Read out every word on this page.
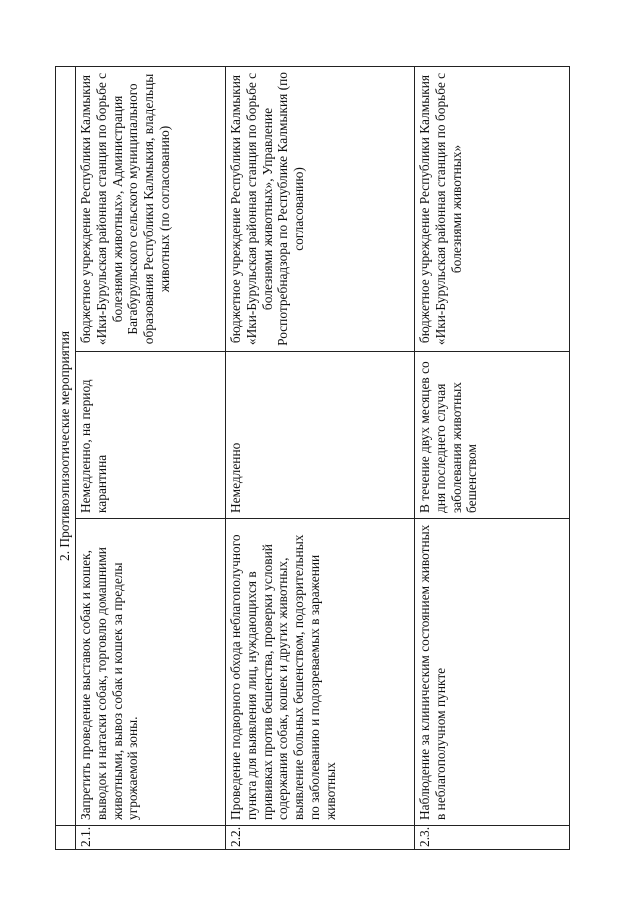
	2. Противоэпизоотические мероприятия		
2.1.	Запретить проведение выставок собак и кошек, выводок и натаски собак, торговлю домашними животными, вывоз собак и кошек за пределы угрожаемой зоны.	Немедленно, на период карантина	бюджетное учреждение Республики Калмыкия «Ики-Бурульская районная станция по борьбе с болезнями животных», Администрация Багабурульского сельского муниципального образования Республики Калмыкия, владельцы животных (по согласованию)
2.2.	Проведение подворного обхода неблагополучного пункта для выявления лиц, нуждающихся в прививках против бешенства, проверки условий содержания собак, кошек и других животных, выявление больных бешенством, подозрительных по заболеванию и подозреваемых в заражении животных	Немедленно	бюджетное учреждение Республики Калмыкия «Ики-Бурульская районная станция по борьбе с болезнями животных», Управление Роспотребнадзора по Республике Калмыкия (по согласованию)
2.3.	Наблюдение за клиническим состоянием животных в неблагополучном пункте	В течение двух месяцев со дня последнего случая заболевания животных бешенством	бюджетное учреждение Республики Калмыкия «Ики-Бурульская районная станция по борьбе с болезнями животных»
